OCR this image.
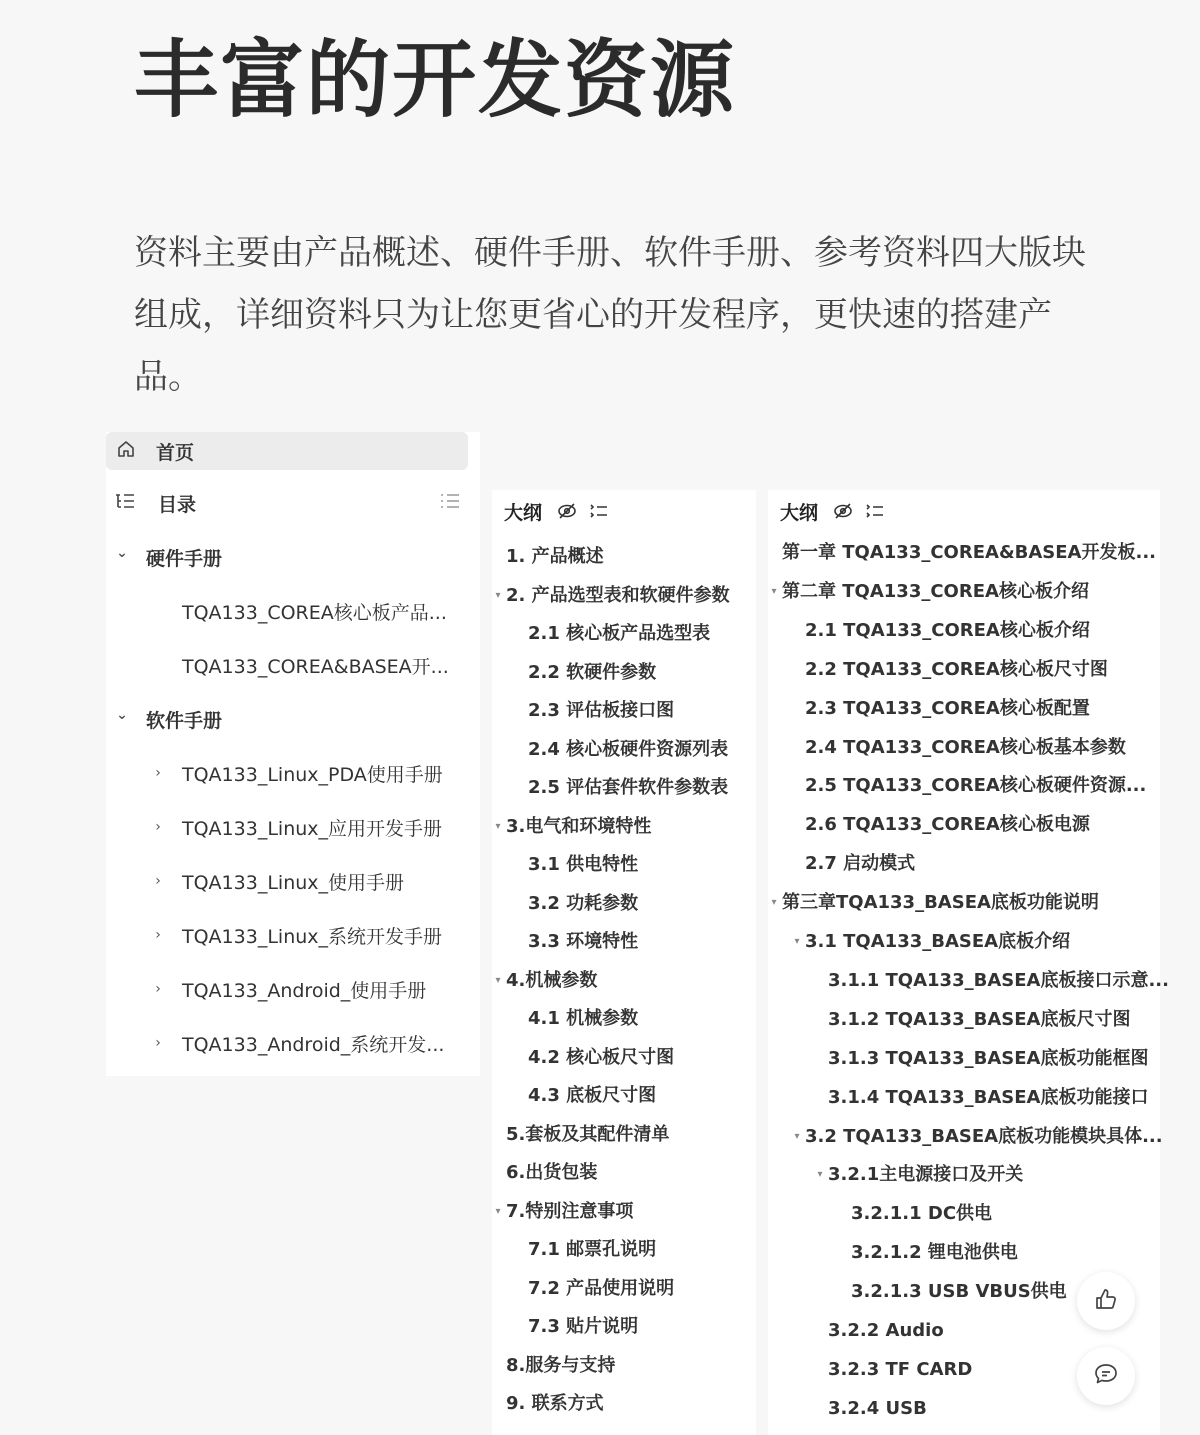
丰富的开发资源
资料主要由产品概述、硬件手册、软件手册、参考资料四大版块
组成，详细资料只为让您更省心的开发程序，更快速的搭建产品。
首页
目录
⌄ 硬件手册
TQA133_COREA核心板产品...
TQA133_COREA&BASEA开...
⌄ 软件手册
› TQA133_Linux_PDA使用手册
› TQA133_Linux_应用开发手册
› TQA133_Linux_使用手册
› TQA133_Linux_系统开发手册
› TQA133_Android_使用手册
› TQA133_Android_系统开发...
大纲
1. 产品概述
▾ 2. 产品选型表和软硬件参数
2.1 核心板产品选型表
2.2 软硬件参数
2.3 评估板接口图
2.4 核心板硬件资源列表
2.5 评估套件软件参数表
▾ 3.电气和环境特性
3.1 供电特性
3.2 功耗参数
3.3 环境特性
▾ 4.机械参数
4.1 机械参数
4.2 核心板尺寸图
4.3 底板尺寸图
5.套板及其配件清单
6.出货包装
▾ 7.特别注意事项
7.1 邮票孔说明
7.2 产品使用说明
7.3 贴片说明
8.服务与支持
9. 联系方式
大纲
第一章 TQA133_COREA&BASEA开发板...
▾ 第二章 TQA133_COREA核心板介绍
2.1 TQA133_COREA核心板介绍
2.2 TQA133_COREA核心板尺寸图
2.3 TQA133_COREA核心板配置
2.4 TQA133_COREA核心板基本参数
2.5 TQA133_COREA核心板硬件资源...
2.6 TQA133_COREA核心板电源
2.7 启动模式
▾ 第三章TQA133_BASEA底板功能说明
▾ 3.1 TQA133_BASEA底板介绍
3.1.1 TQA133_BASEA底板接口示意...
3.1.2 TQA133_BASEA底板尺寸图
3.1.3 TQA133_BASEA底板功能框图
3.1.4 TQA133_BASEA底板功能接口
▾ 3.2 TQA133_BASEA底板功能模块具体...
▾ 3.2.1主电源接口及开关
3.2.1.1 DC供电
3.2.1.2 锂电池供电
3.2.1.3 USB VBUS供电
3.2.2 Audio
3.2.3 TF CARD
3.2.4 USB
